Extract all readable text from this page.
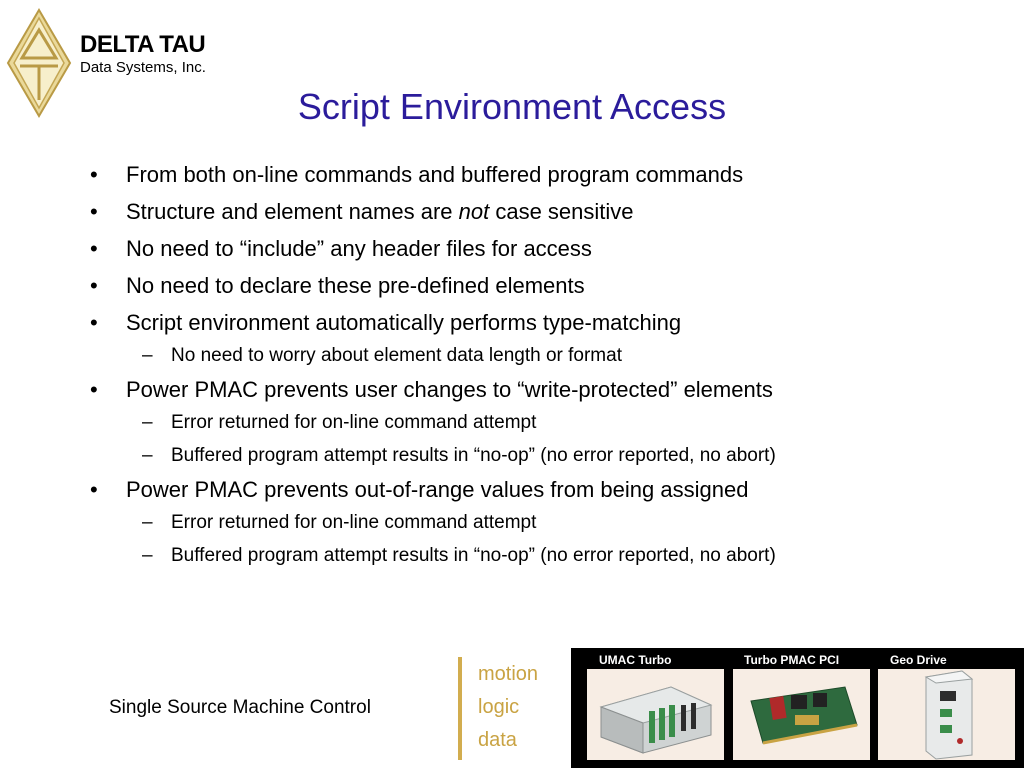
DELTA TAU
Data Systems, Inc.
Script Environment Access
• From both on-line commands and buffered program commands
• Structure and element names are not case sensitive
• No need to “include” any header files for access
• No need to declare these pre-defined elements
• Script environment automatically performs type-matching
– No need to worry about element data length or format
• Power PMAC prevents user changes to “write-protected” elements
– Error returned for on-line command attempt
– Buffered program attempt results in “no-op” (no error reported, no abort)
• Power PMAC prevents out-of-range values from being assigned
– Error returned for on-line command attempt
– Buffered program attempt results in “no-op” (no error reported, no abort)
Single Source Machine Control
motion
logic
data
UMAC Turbo	Turbo PMAC PCI	Geo Drive
